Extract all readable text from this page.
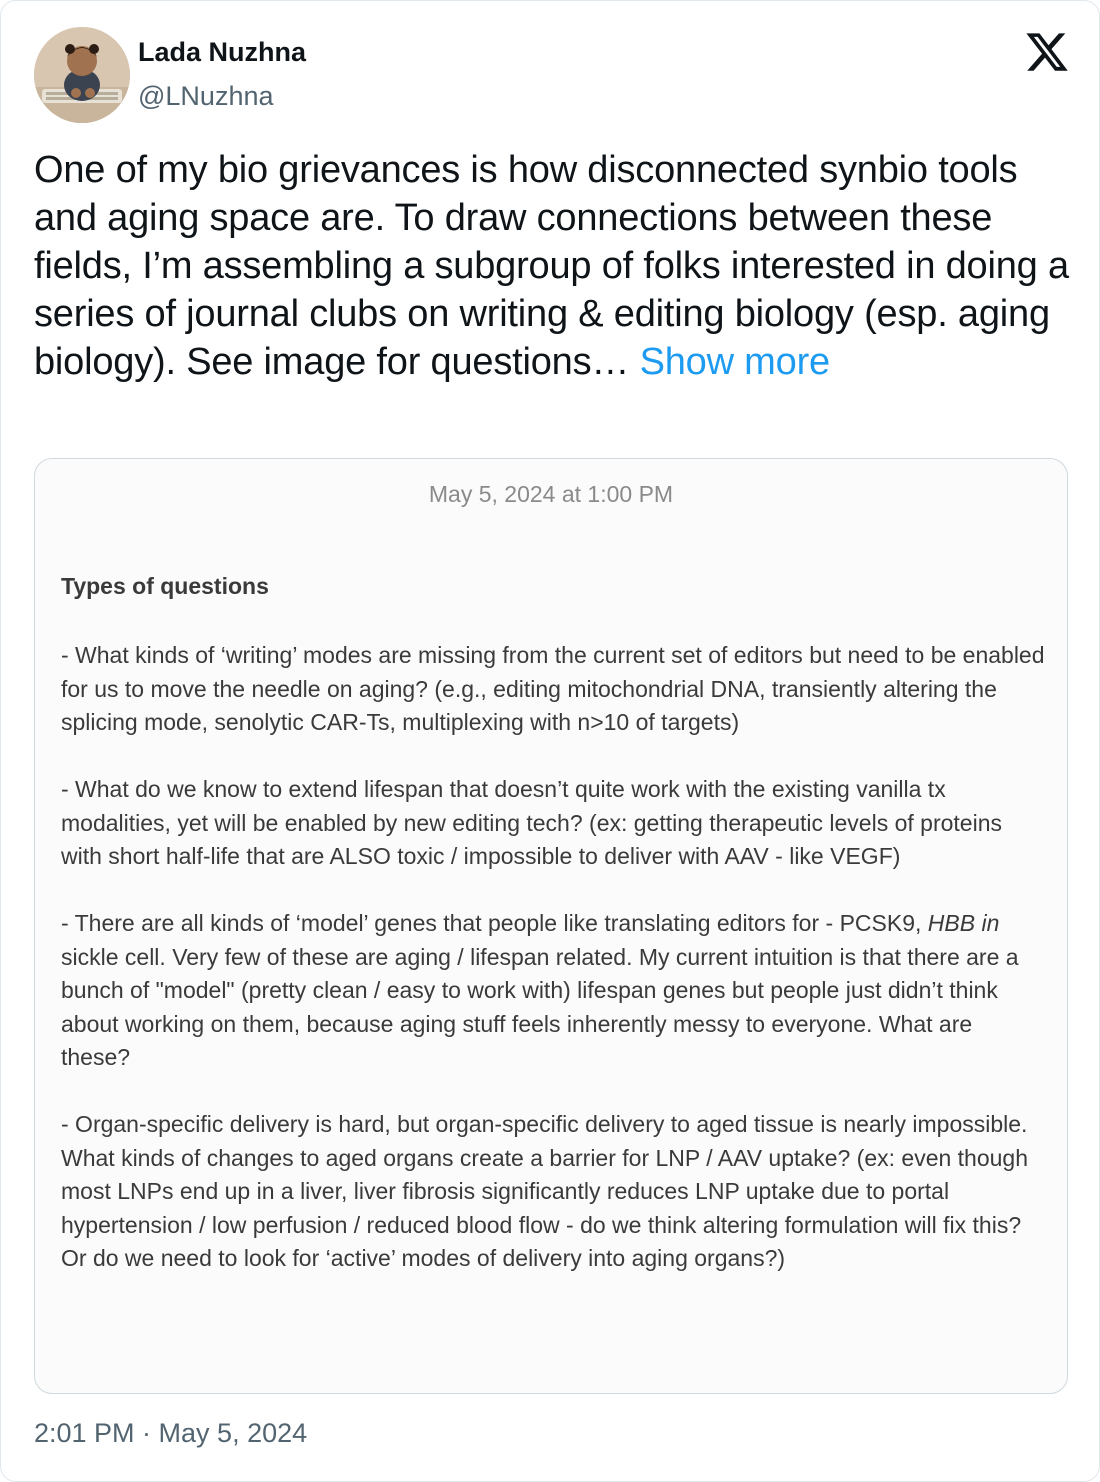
Lada Nuzhna
@LNuzhna
One of my bio grievances is how disconnected synbio tools and aging space are. To draw connections between these fields, I’m assembling a subgroup of folks interested in doing a series of journal clubs on writing & editing biology (esp. aging biology). See image for questions… Show more
May 5, 2024 at 1:00 PM
Types of questions

- What kinds of ‘writing’ modes are missing from the current set of editors but need to be enabled for us to move the needle on aging? (e.g., editing mitochondrial DNA, transiently altering the splicing mode, senolytic CAR-Ts, multiplexing with n>10 of targets)

- What do we know to extend lifespan that doesn’t quite work with the existing vanilla tx modalities, yet will be enabled by new editing tech? (ex: getting therapeutic levels of proteins with short half-life that are ALSO toxic / impossible to deliver with AAV - like VEGF)

- There are all kinds of ‘model’ genes that people like translating editors for - PCSK9, HBB in sickle cell. Very few of these are aging / lifespan related. My current intuition is that there are a bunch of "model" (pretty clean / easy to work with) lifespan genes but people just didn’t think about working on them, because aging stuff feels inherently messy to everyone. What are these?

- Organ-specific delivery is hard, but organ-specific delivery to aged tissue is nearly impossible. What kinds of changes to aged organs create a barrier for LNP / AAV uptake? (ex: even though most LNPs end up in a liver, liver fibrosis significantly reduces LNP uptake due to portal hypertension / low perfusion / reduced blood flow - do we think altering formulation will fix this? Or do we need to look for ‘active’ modes of delivery into aging organs?)

2:01 PM · May 5, 2024
